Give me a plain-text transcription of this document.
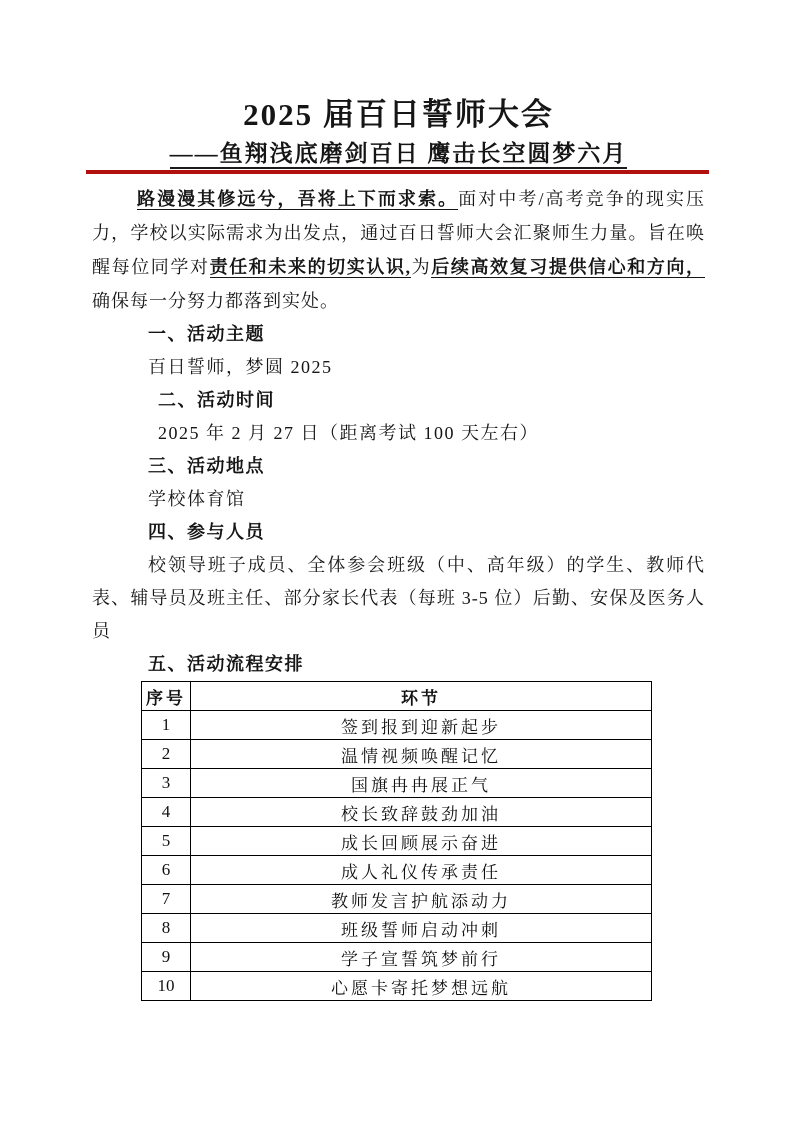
2025 届百日誓师大会
——鱼翔浅底磨剑百日 鹰击长空圆梦六月

路漫漫其修远兮，吾将上下而求索。面对中考/高考竞争的现实压力，学校以实际需求为出发点，通过百日誓师大会汇聚师生力量。旨在唤醒每位同学对责任和未来的切实认识,为后续高效复习提供信心和方向，确保每一分努力都落到实处。

一、活动主题
百日誓师，梦圆 2025
二、活动时间
2025 年 2 月 27 日（距离考试 100 天左右）
三、活动地点
学校体育馆
四、参与人员
校领导班子成员、全体参会班级（中、高年级）的学生、教师代表、辅导员及班主任、部分家长代表（每班 3-5 位）后勤、安保及医务人员
五、活动流程安排
序号	环节
1	签到报到迎新起步
2	温情视频唤醒记忆
3	国旗冉冉展正气
4	校长致辞鼓劲加油
5	成长回顾展示奋进
6	成人礼仪传承责任
7	教师发言护航添动力
8	班级誓师启动冲刺
9	学子宣誓筑梦前行
10	心愿卡寄托梦想远航
